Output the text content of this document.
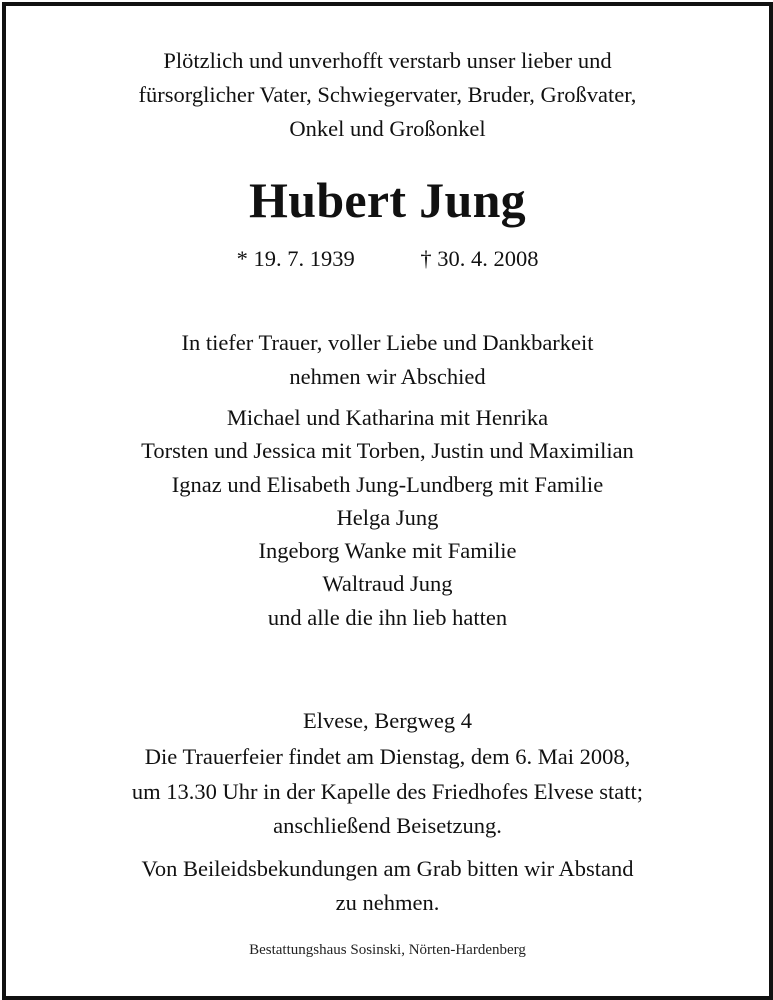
Plötzlich und unverhofft verstarb unser lieber und
fürsorglicher Vater, Schwiegervater, Bruder, Großvater,
Onkel und Großonkel
Hubert Jung
* 19. 7. 1939	† 30. 4. 2008
In tiefer Trauer, voller Liebe und Dankbarkeit
nehmen wir Abschied
Michael und Katharina mit Henrika
Torsten und Jessica mit Torben, Justin und Maximilian
Ignaz und Elisabeth Jung-Lundberg mit Familie
Helga Jung
Ingeborg Wanke mit Familie
Waltraud Jung
und alle die ihn lieb hatten
Elvese, Bergweg 4
Die Trauerfeier findet am Dienstag, dem 6. Mai 2008,
um 13.30 Uhr in der Kapelle des Friedhofes Elvese statt;
anschließend Beisetzung.
Von Beileidsbekundungen am Grab bitten wir Abstand
zu nehmen.
Bestattungshaus Sosinski, Nörten-Hardenberg
